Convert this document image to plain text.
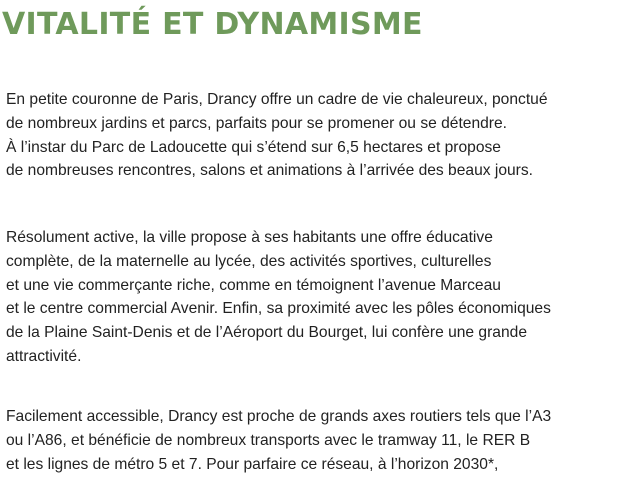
VITALITÉ ET DYNAMISME

En petite couronne de Paris, Drancy offre un cadre de vie chaleureux, ponctué
de nombreux jardins et parcs, parfaits pour se promener ou se détendre.
À l’instar du Parc de Ladoucette qui s’étend sur 6,5 hectares et propose
de nombreuses rencontres, salons et animations à l’arrivée des beaux jours.

Résolument active, la ville propose à ses habitants une offre éducative
complète, de la maternelle au lycée, des activités sportives, culturelles
et une vie commerçante riche, comme en témoignent l’avenue Marceau
et le centre commercial Avenir. Enfin, sa proximité avec les pôles économiques
de la Plaine Saint-Denis et de l’Aéroport du Bourget, lui confère une grande
attractivité.

Facilement accessible, Drancy est proche de grands axes routiers tels que l’A3
ou l’A86, et bénéficie de nombreux transports avec le tramway 11, le RER B
et les lignes de métro 5 et 7. Pour parfaire ce réseau, à l’horizon 2030*,
